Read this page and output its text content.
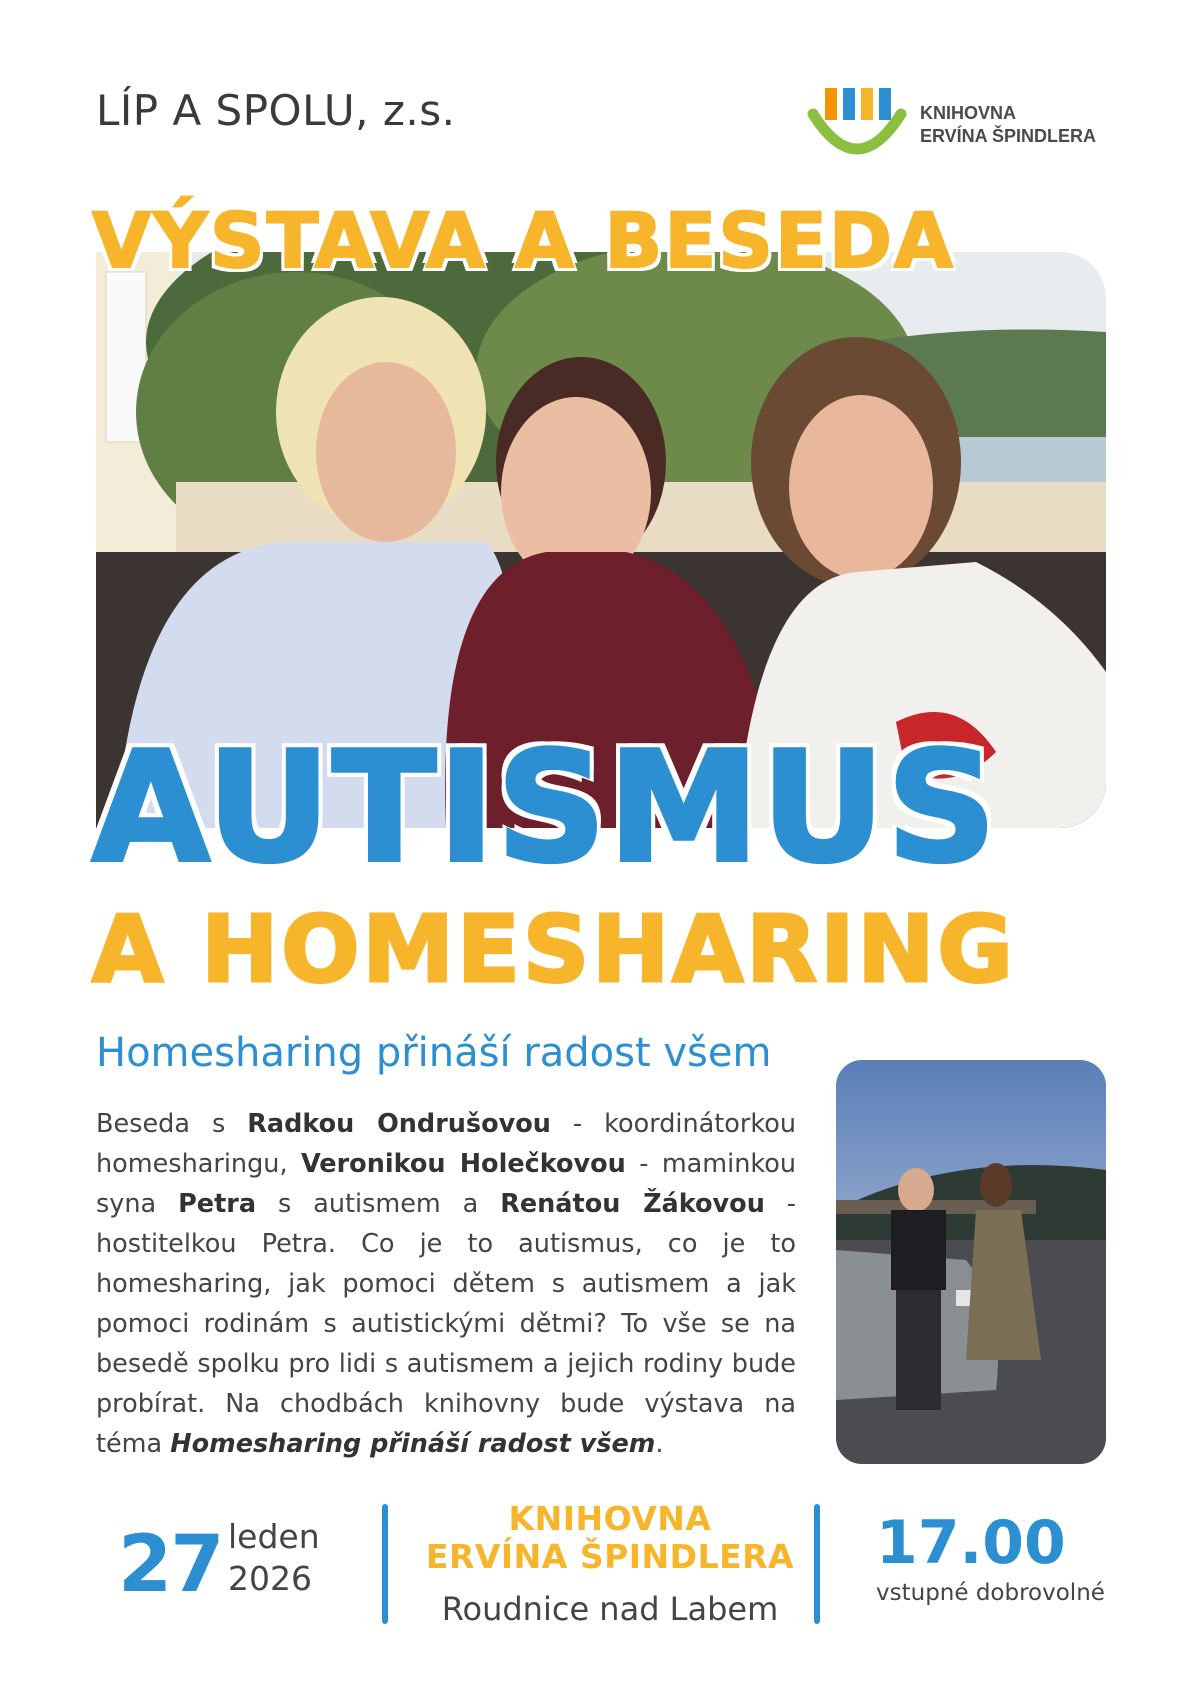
LÍP A SPOLU, z.s.	KNIHOVNA
ERVÍNA ŠPINDLERA
VÝSTAVA A BESEDA
AUTISMUS
A HOMESHARING
Homesharing přináší radost všem
Beseda s Radkou Ondrušovou - koordinátorkou homesharingu, Veronikou Holečkovou - maminkou syna Petra s autismem a Renátou Žákovou - hostitelkou Petra. Co je to autismus, co je to homesharing, jak pomoci dětem s autismem a jak pomoci rodinám s autistickými dětmi? To vše se na besedě spolku pro lidi s autismem a jejich rodiny bude probírat. Na chodbách knihovny bude výstava na téma Homesharing přináší radost všem.
27 leden
2026
KNIHOVNA
ERVÍNA ŠPINDLERA
Roudnice nad Labem
17.00
vstupné dobrovolné
